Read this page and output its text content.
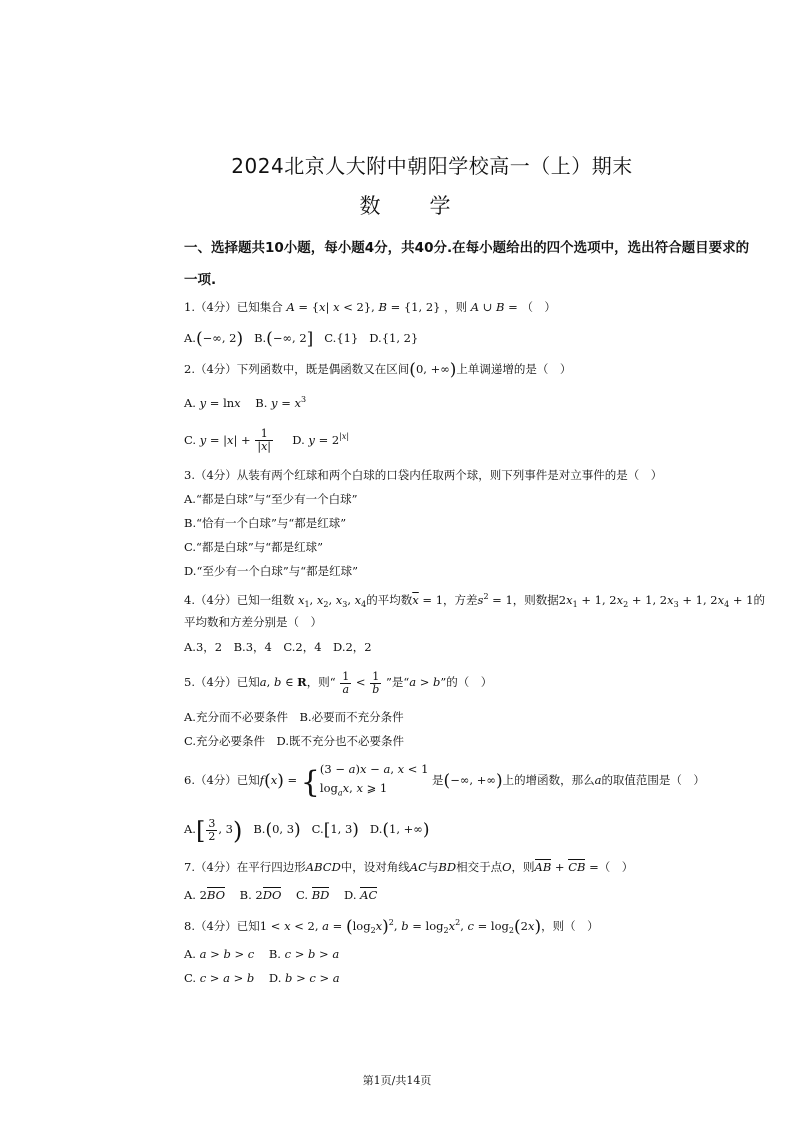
2024北京人大附中朝阳学校高一（上）期末
数　学
一、选择题共10小题，每小题4分，共40分.在每小题给出的四个选项中，选出符合题目要求的一项.
1.（4分）已知集合 A = {x| x < 2}, B = {1, 2} ，则 A ∪ B = （　）
A.(−∞, 2) B.(−∞, 2] C.{1}   D.{1, 2}
2.（4分）下列函数中，既是偶函数又在区间(0, +∞)上单调递增的是（　）
A. y = lnx    B. $y = x^3$
C. $y = |x| + \frac{1}{|x|} D$. $y = 2^{|x|}$
3.（4分）从装有两个红球和两个白球的口袋内任取两个球，则下列事件是对立事件的是（　）
A.“都是白球”与“至少有一个白球”
B.“恰有一个白球”与“都是红球”
C.“都是白球”与“都是红球”
D.“至少有一个白球”与“都是红球”
4.（4分）已知一组数 $x_1$, $x_2$, $x_3$, $x_4$的平均数$\overline{x} = 1$，方差$s^2 = 1$，则数据$2x_1 + 1$, $2x_2 + 1$, $2x_3 + 1$, $2x_4 + 1$的
平均数和方差分别是（　）
A.3，2　B.3，4　C.2，4　D.2，2
5.（4分）已知a, b ∈ R，则“ $\frac{1}{a} < \frac{1}{b}$ ”是“a > b”的（　）
A.充分而不必要条件　B.必要而不充分条件
C.充分必要条件　D.既不充分也不必要条件
6.（4分）已知f(x) = { (3 − a)x − a, x < 1
$\log_ax$, x ⩾ 1
是(−∞, +∞)上的增函数，那么a的取值范围是（　）
$A.[ \frac{3}{2}$ , 3)   B.(0, 3)   C.[1, 3)   D.(1, +∞)
7.（4分）在平行四边形ABCD中，设对角线AC与BD相交于点O，则AB + CB =（　）
A. 2BO    B. 2DO    C. BD    D. AC
8.（4分）已知1 < x < 2, $a = (\log_2x)^2$, $b = \log_2x^2$, $c = \log_2(2x)$，则（　）
A. a > b > c    B. c > b > a
C. c > a > b    D. b > c > a
第1页/共14页
